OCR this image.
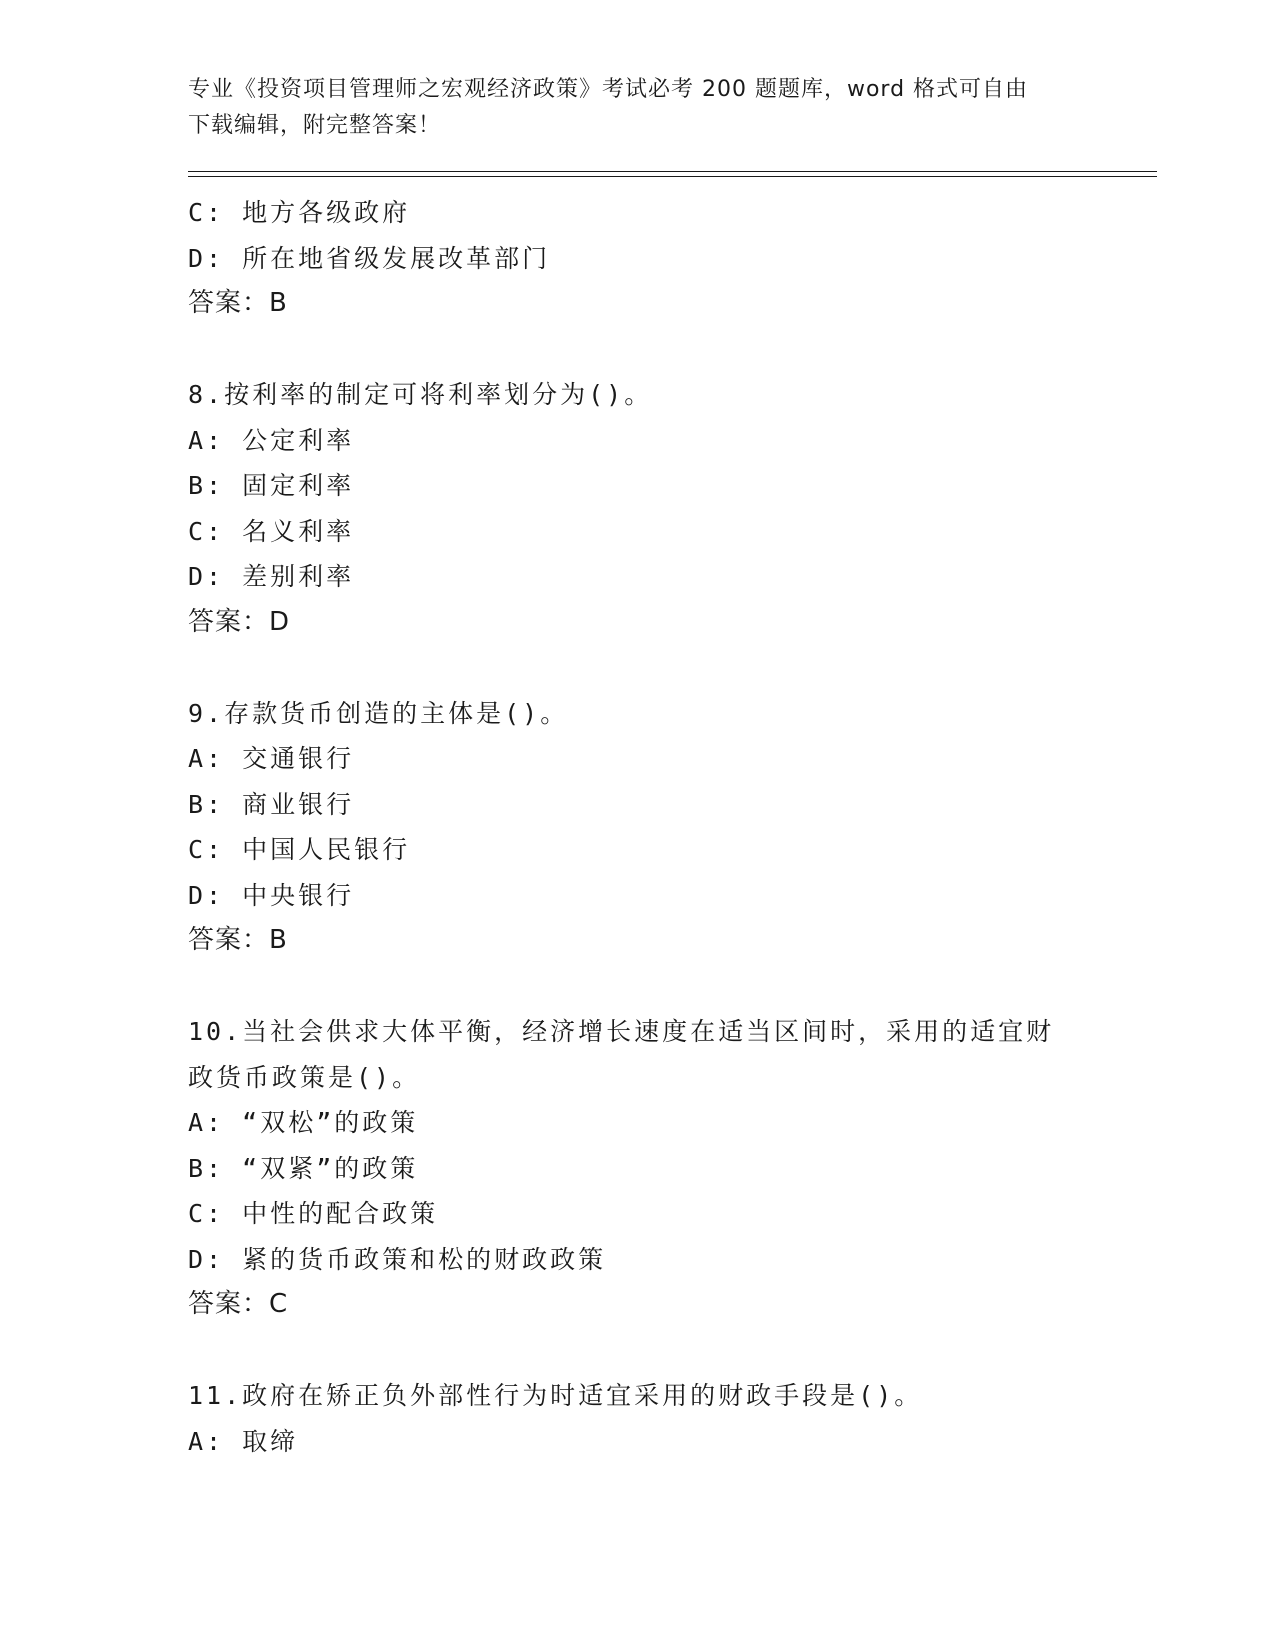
专业《投资项目管理师之宏观经济政策》考试必考 200 题题库，word 格式可自由
下载编辑，附完整答案！
C: 地方各级政府
D: 所在地省级发展改革部门
答案：B
8.按利率的制定可将利率划分为()。
A: 公定利率
B: 固定利率
C: 名义利率
D: 差别利率
答案：D
9.存款货币创造的主体是()。
A: 交通银行
B: 商业银行
C: 中国人民银行
D: 中央银行
答案：B
10.当社会供求大体平衡，经济增长速度在适当区间时，采用的适宜财
政货币政策是()。
A: “双松”的政策
B: “双紧”的政策
C: 中性的配合政策
D: 紧的货币政策和松的财政政策
答案：C
11.政府在矫正负外部性行为时适宜采用的财政手段是()。
A: 取缔
